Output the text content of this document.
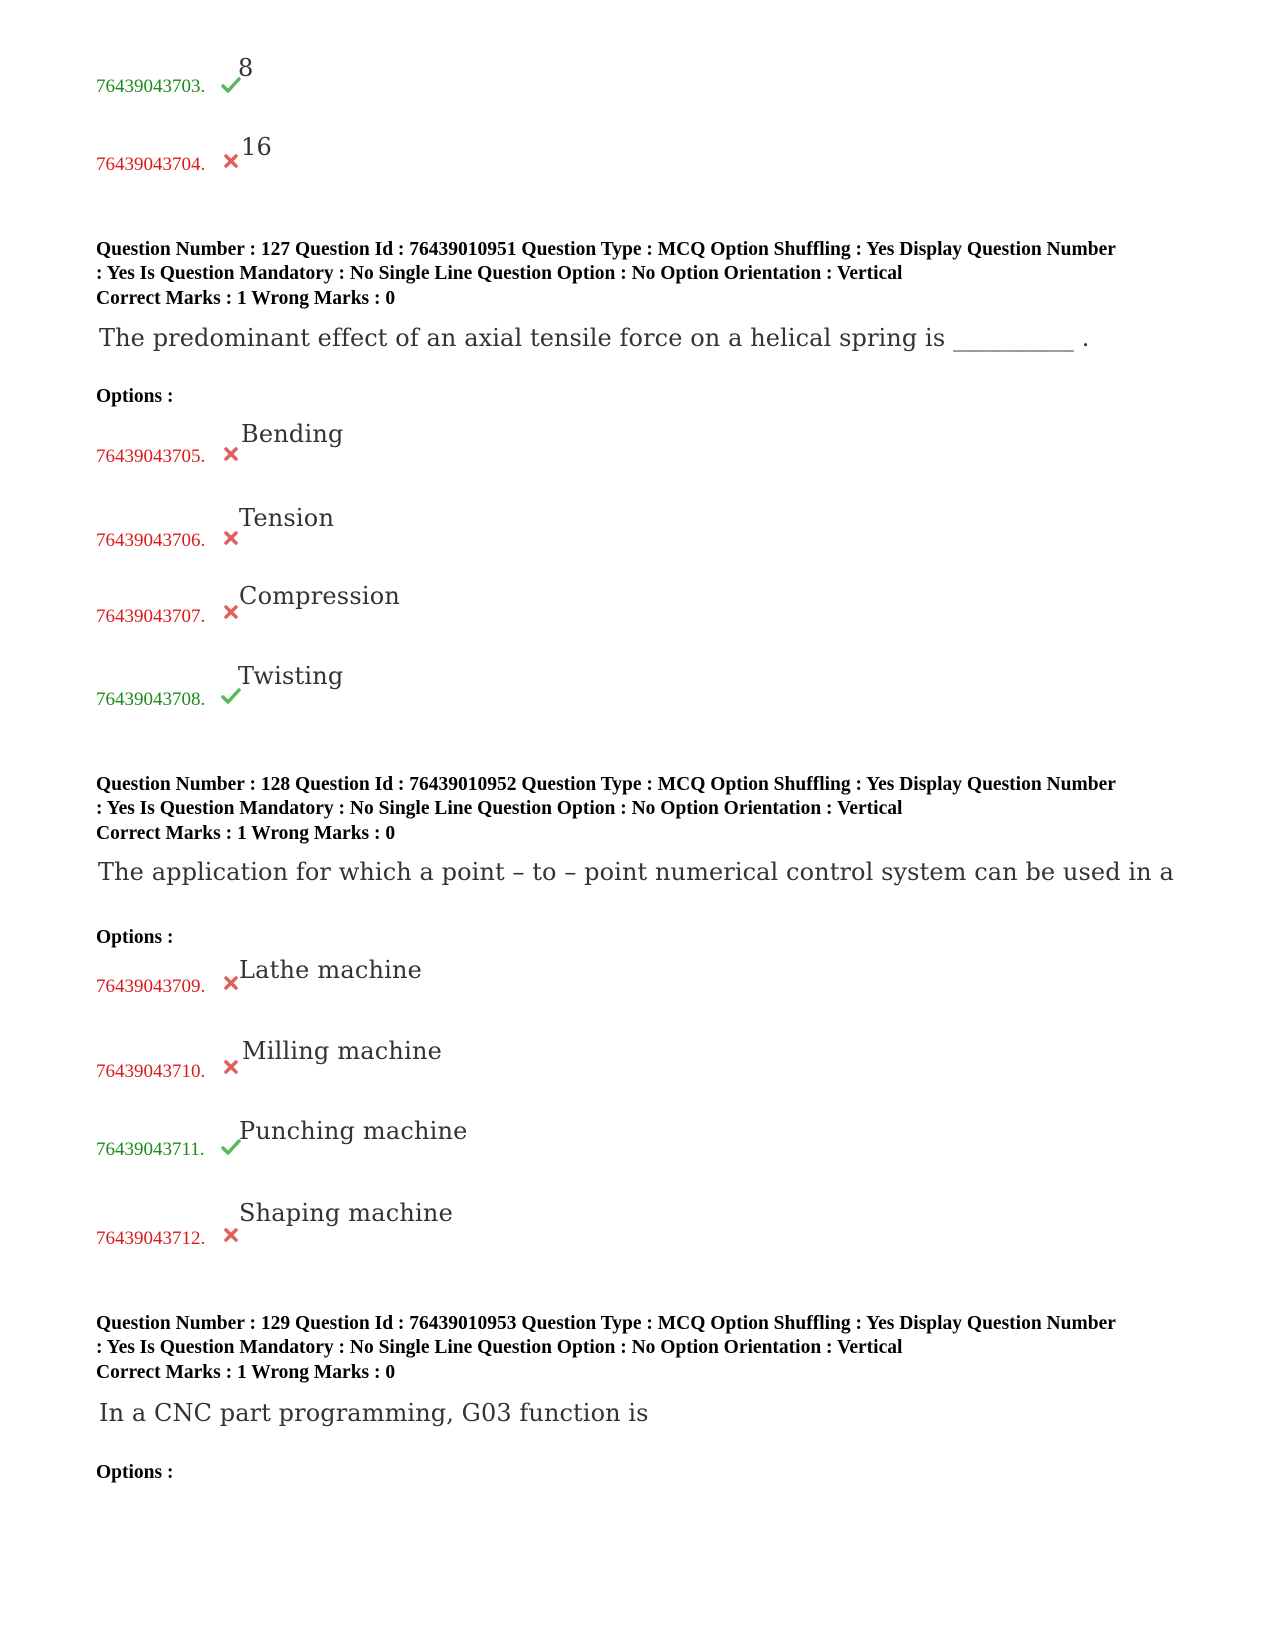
76439043703.
8
76439043704.
16
Question Number : 127 Question Id : 76439010951 Question Type : MCQ Option Shuffling : Yes Display Question Number
: Yes Is Question Mandatory : No Single Line Question Option : No Option Orientation : Vertical
Correct Marks : 1 Wrong Marks : 0
The predominant effect of an axial tensile force on a helical spring is __________ .
Options :
76439043705.
Bending
76439043706.
Tension
76439043707.
Compression
76439043708.
Twisting
Question Number : 128 Question Id : 76439010952 Question Type : MCQ Option Shuffling : Yes Display Question Number
: Yes Is Question Mandatory : No Single Line Question Option : No Option Orientation : Vertical
Correct Marks : 1 Wrong Marks : 0
The application for which a point – to – point numerical control system can be used in a
Options :
76439043709.
Lathe machine
76439043710.
Milling machine
76439043711.
Punching machine
76439043712.
Shaping machine
Question Number : 129 Question Id : 76439010953 Question Type : MCQ Option Shuffling : Yes Display Question Number
: Yes Is Question Mandatory : No Single Line Question Option : No Option Orientation : Vertical
Correct Marks : 1 Wrong Marks : 0
In a CNC part programming, G03 function is
Options :
